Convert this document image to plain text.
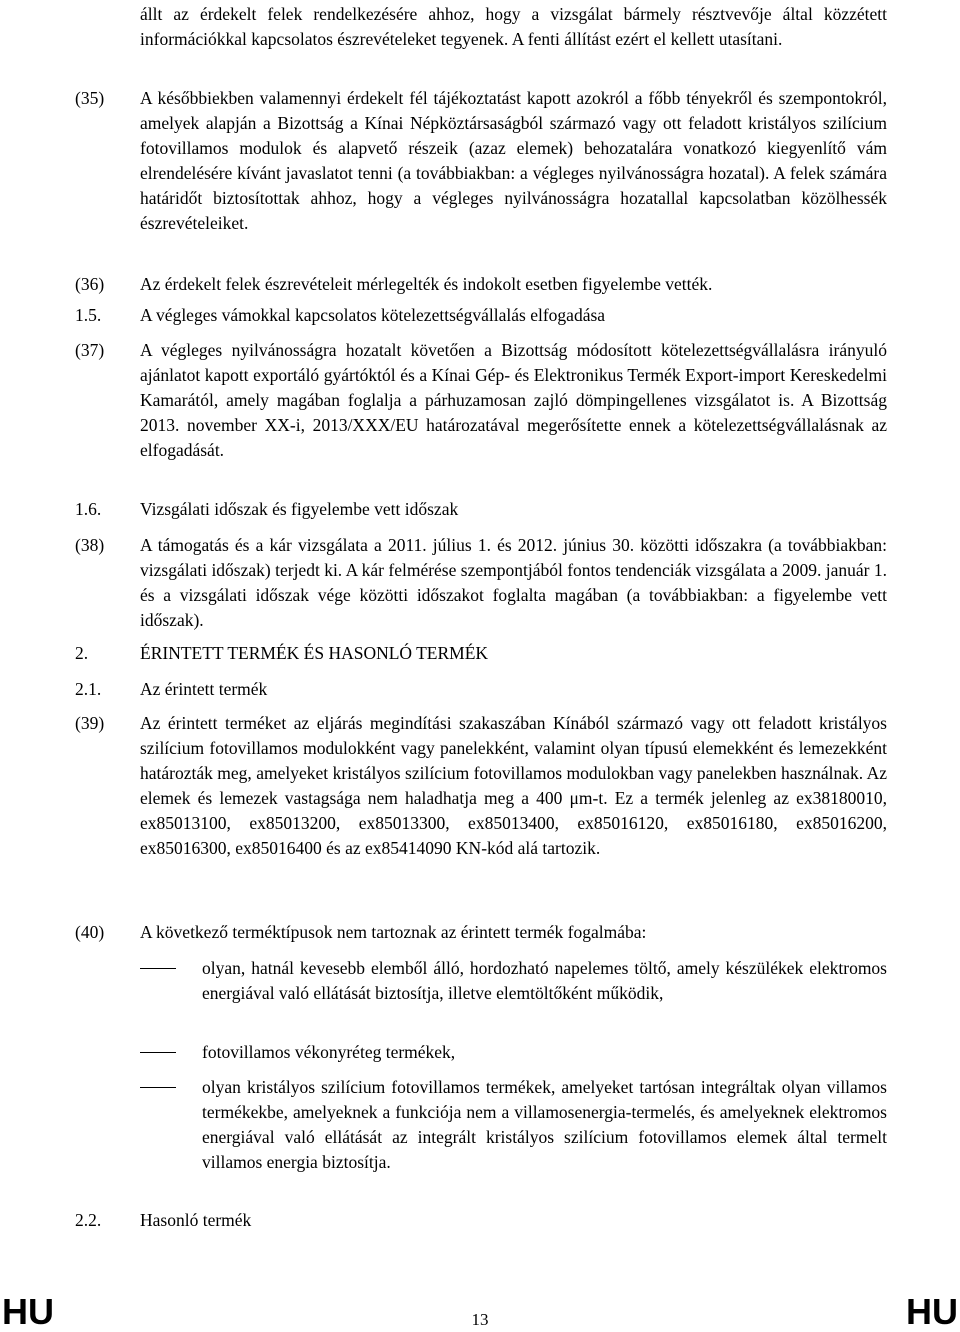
állt az érdekelt felek rendelkezésére ahhoz, hogy a vizsgálat bármely résztvevője által közzétett információkkal kapcsolatos észrevételeket tegyenek. A fenti állítást ezért el kellett utasítani.
(35) A későbbiekben valamennyi érdekelt fél tájékoztatást kapott azokról a főbb tényekről és szempontokról, amelyek alapján a Bizottság a Kínai Népköztársaságból származó vagy ott feladott kristályos szilícium fotovillamos modulok és alapvető részeik (azaz elemek) behozatalára vonatkozó kiegyenlítő vám elrendelésére kívánt javaslatot tenni (a továbbiakban: a végleges nyilvánosságra hozatal). A felek számára határidőt biztosítottak ahhoz, hogy a végleges nyilvánosságra hozatallal kapcsolatban közölhessék észrevételeiket.
(36) Az érdekelt felek észrevételeit mérlegelték és indokolt esetben figyelembe vették.
1.5. A végleges vámokkal kapcsolatos kötelezettségvállalás elfogadása
(37) A végleges nyilvánosságra hozatalt követően a Bizottság módosított kötelezettségvállalásra irányuló ajánlatot kapott exportáló gyártóktól és a Kínai Gép- és Elektronikus Termék Export-import Kereskedelmi Kamarától, amely magában foglalja a párhuzamosan zajló dömpingellenes vizsgálatot is. A Bizottság 2013. november XX-i, 2013/XXX/EU határozatával megerősítette ennek a kötelezettségvállalásnak az elfogadását.
1.6. Vizsgálati időszak és figyelembe vett időszak
(38) A támogatás és a kár vizsgálata a 2011. július 1. és 2012. június 30. közötti időszakra (a továbbiakban: vizsgálati időszak) terjedt ki. A kár felmérése szempontjából fontos tendenciák vizsgálata a 2009. január 1. és a vizsgálati időszak vége közötti időszakot foglalta magában (a továbbiakban: a figyelembe vett időszak).
2.	ÉRINTETT TERMÉK ÉS HASONLÓ TERMÉK
2.1. Az érintett termék
(39) Az érintett terméket az eljárás megindítási szakaszában Kínából származó vagy ott feladott kristályos szilícium fotovillamos modulokként vagy panelekként, valamint olyan típusú elemekként és lemezekként határozták meg, amelyeket kristályos szilícium fotovillamos modulokban vagy panelekben használnak. Az elemek és lemezek vastagsága nem haladhatja meg a 400 μm-t. Ez a termék jelenleg az ex38180010, ex85013100, ex85013200, ex85013300, ex85013400, ex85016120, ex85016180, ex85016200, ex85016300, ex85016400 és az ex85414090 KN-kód alá tartozik.
(40) A következő terméktípusok nem tartoznak az érintett termék fogalmába:
olyan, hatnál kevesebb elemből álló, hordozható napelemes töltő, amely készülékek elektromos energiával való ellátását biztosítja, illetve elemtöltőként működik,
fotovillamos vékonyréteg termékek,
olyan kristályos szilícium fotovillamos termékek, amelyeket tartósan integráltak olyan villamos termékekbe, amelyeknek a funkciója nem a villamosenergia-termelés, és amelyeknek elektromos energiával való ellátását az integrált kristályos szilícium fotovillamos elemek által termelt villamos energia biztosítja.
2.2. Hasonló termék
HU	13	HU
